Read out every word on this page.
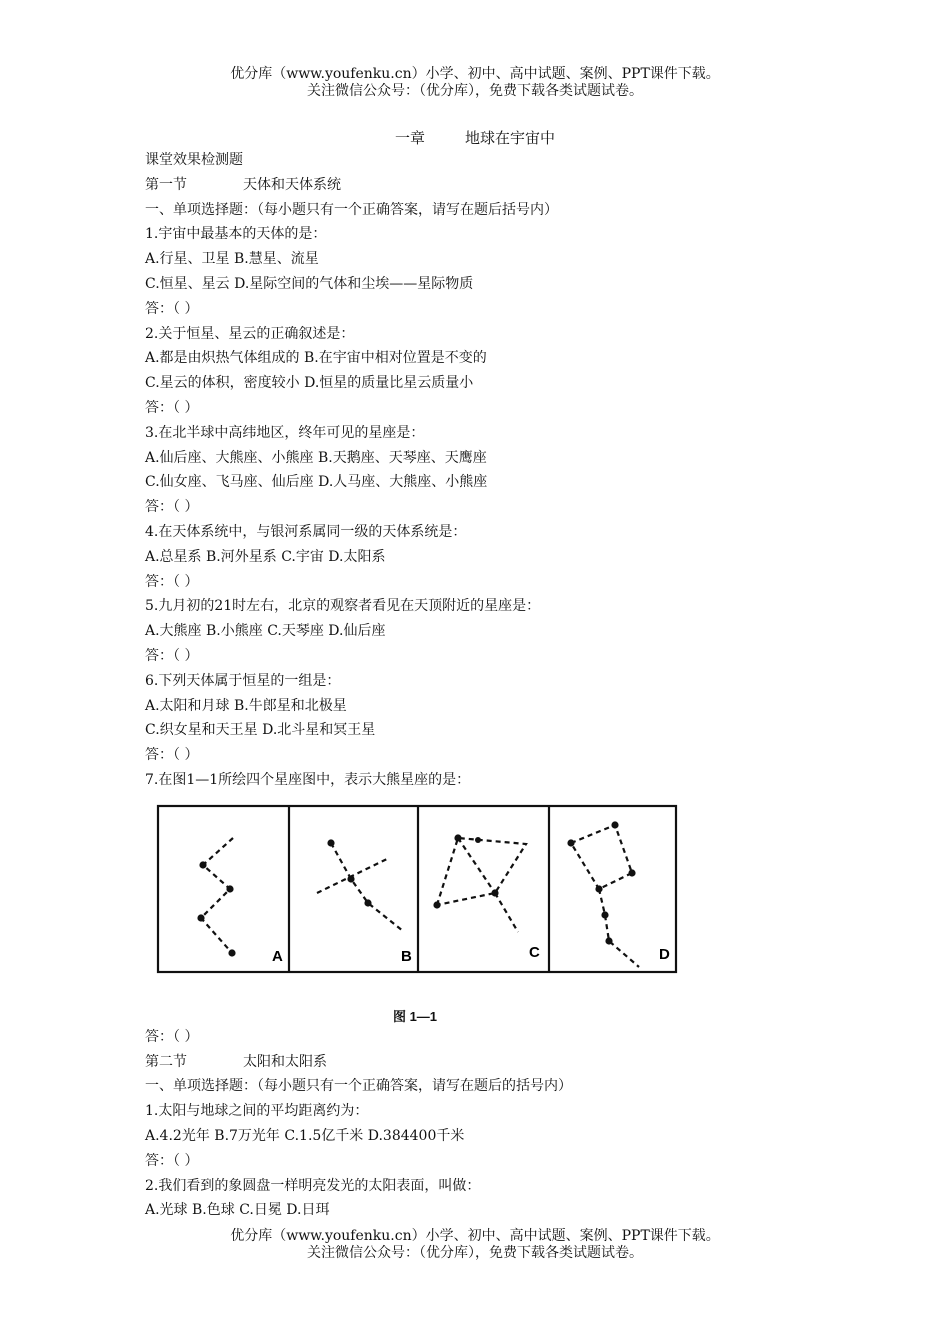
优分库（www.youfenku.cn）小学、初中、高中试题、案例、PPT课件下载。
关注微信公众号：（优分库），免费下载各类试题试卷。
一章	地球在宇宙中
课堂效果检测题
第一节	天体和天体系统
一、单项选择题：（每小题只有一个正确答案，请写在题后括号内）
1.宇宙中最基本的天体的是：
A.行星、卫星 B.慧星、流星
C.恒星、星云 D.星际空间的气体和尘埃——星际物质
答：（ ）
2.关于恒星、星云的正确叙述是：
A.都是由炽热气体组成的 B.在宇宙中相对位置是不变的
C.星云的体积，密度较小 D.恒星的质量比星云质量小
答：（ ）
3.在北半球中高纬地区，终年可见的星座是：
A.仙后座、大熊座、小熊座 B.天鹅座、天琴座、天鹰座
C.仙女座、飞马座、仙后座 D.人马座、大熊座、小熊座
答：（ ）
4.在天体系统中，与银河系属同一级的天体系统是：
A.总星系 B.河外星系 C.宇宙 D.太阳系
答：（ ）
5.九月初的21时左右，北京的观察者看见在天顶附近的星座是：
A.大熊座 B.小熊座 C.天琴座 D.仙后座
答：（ ）
6.下列天体属于恒星的一组是：
A.太阳和月球 B.牛郎星和北极星
C.织女星和天王星 D.北斗星和冥王星
答：（ ）
7.在图1—1所绘四个星座图中，表示大熊星座的是：
A	B	C	D
图 1—1
答：（ ）
第二节	太阳和太阳系
一、单项选择题：（每小题只有一个正确答案，请写在题后的括号内）
1.太阳与地球之间的平均距离约为：
A.4.2光年 B.7万光年 C.1.5亿千米 D.384400千米
答：（ ）
2.我们看到的象圆盘一样明亮发光的太阳表面，叫做：
A.光球 B.色球 C.日冕 D.日珥
优分库（www.youfenku.cn）小学、初中、高中试题、案例、PPT课件下载。
关注微信公众号：（优分库），免费下载各类试题试卷。
